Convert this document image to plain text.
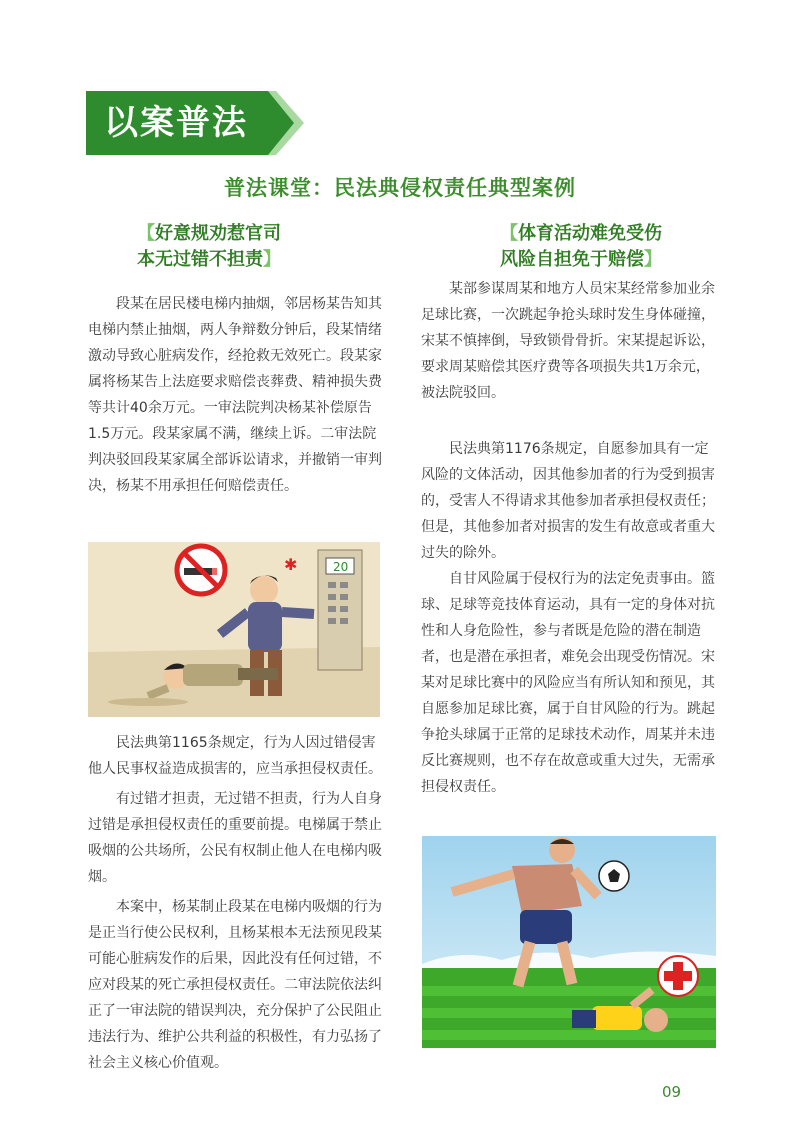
以案普法
普法课堂：民法典侵权责任典型案例
【好意规劝惹官司
本无过错不担责】
【体育活动难免受伤
风险自担免于赔偿】

段某在居民楼电梯内抽烟，邻居杨某告知其电梯内禁止抽烟，两人争辩数分钟后，段某情绪激动导致心脏病发作，经抢救无效死亡。段某家属将杨某告上法庭要求赔偿丧葬费、精神损失费等共计40余万元。一审法院判决杨某补偿原告1.5万元。段某家属不满，继续上诉。二审法院判决驳回段某家属全部诉讼请求，并撤销一审判决，杨某不用承担任何赔偿责任。

20
✱

民法典第1165条规定，行为人因过错侵害他人民事权益造成损害的，应当承担侵权责任。

有过错才担责，无过错不担责，行为人自身过错是承担侵权责任的重要前提。电梯属于禁止吸烟的公共场所，公民有权制止他人在电梯内吸烟。

本案中，杨某制止段某在电梯内吸烟的行为是正当行使公民权利，且杨某根本无法预见段某可能心脏病发作的后果，因此没有任何过错，不应对段某的死亡承担侵权责任。二审法院依法纠正了一审法院的错误判决，充分保护了公民阻止违法行为、维护公共利益的积极性，有力弘扬了社会主义核心价值观。

某部参谋周某和地方人员宋某经常参加业余足球比赛，一次跳起争抢头球时发生身体碰撞，宋某不慎摔倒，导致锁骨骨折。宋某提起诉讼，要求周某赔偿其医疗费等各项损失共1万余元，被法院驳回。

民法典第1176条规定，自愿参加具有一定风险的文体活动，因其他参加者的行为受到损害的，受害人不得请求其他参加者承担侵权责任；但是，其他参加者对损害的发生有故意或者重大过失的除外。

自甘风险属于侵权行为的法定免责事由。篮球、足球等竞技体育运动，具有一定的身体对抗性和人身危险性，参与者既是危险的潜在制造者，也是潜在承担者，难免会出现受伤情况。宋某对足球比赛中的风险应当有所认知和预见，其自愿参加足球比赛，属于自甘风险的行为。跳起争抢头球属于正常的足球技术动作，周某并未违反比赛规则，也不存在故意或重大过失，无需承担侵权责任。

09
